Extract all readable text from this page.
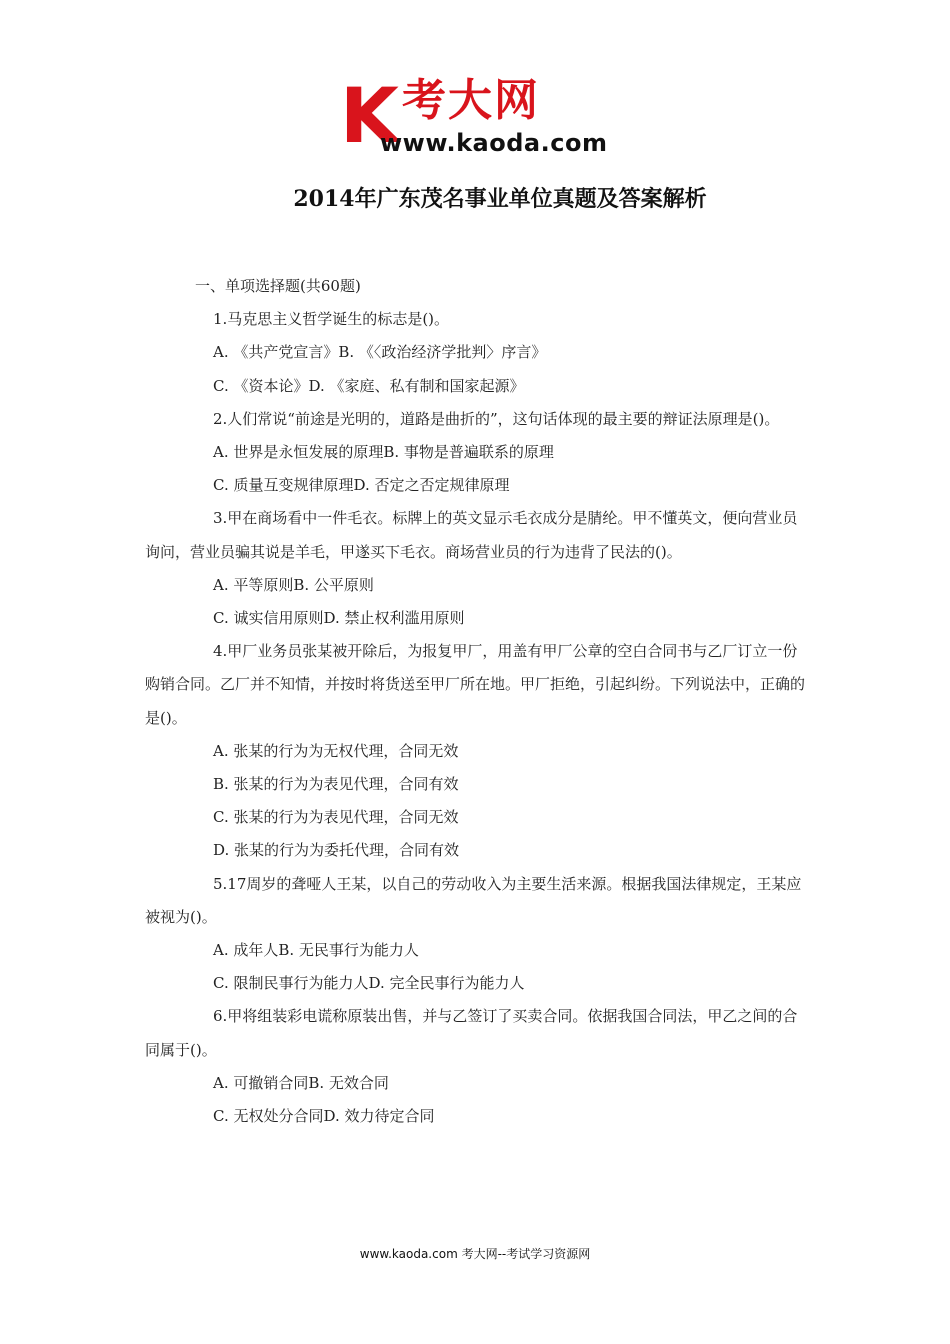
K 考大网
www.kaoda.com
2014年广东茂名事业单位真题及答案解析

一、单项选择题(共60题)

1.马克思主义哲学诞生的标志是()。

A. 《共产党宣言》B. 《〈政治经济学批判〉序言》

C. 《资本论》D. 《家庭、私有制和国家起源》

2.人们常说“前途是光明的，道路是曲折的”，这句话体现的最主要的辩证法原理是()。

A. 世界是永恒发展的原理B. 事物是普遍联系的原理

C. 质量互变规律原理D. 否定之否定规律原理

3.甲在商场看中一件毛衣。标牌上的英文显示毛衣成分是腈纶。甲不懂英文，便向营业员询问，营业员骗其说是羊毛，甲遂买下毛衣。商场营业员的行为违背了民法的()。

A. 平等原则B. 公平原则

C. 诚实信用原则D. 禁止权利滥用原则

4.甲厂业务员张某被开除后，为报复甲厂，用盖有甲厂公章的空白合同书与乙厂订立一份购销合同。乙厂并不知情，并按时将货送至甲厂所在地。甲厂拒绝，引起纠纷。下列说法中，正确的是()。

A. 张某的行为为无权代理，合同无效

B. 张某的行为为表见代理，合同有效

C. 张某的行为为表见代理，合同无效

D. 张某的行为为委托代理，合同有效

5.17周岁的聋哑人王某，以自己的劳动收入为主要生活来源。根据我国法律规定，王某应被视为()。

A. 成年人B. 无民事行为能力人

C. 限制民事行为能力人D. 完全民事行为能力人

6.甲将组装彩电谎称原装出售，并与乙签订了买卖合同。依据我国合同法，甲乙之间的合同属于()。

A. 可撤销合同B. 无效合同

C. 无权处分合同D. 效力待定合同

www.kaoda.com 考大网--考试学习资源网
